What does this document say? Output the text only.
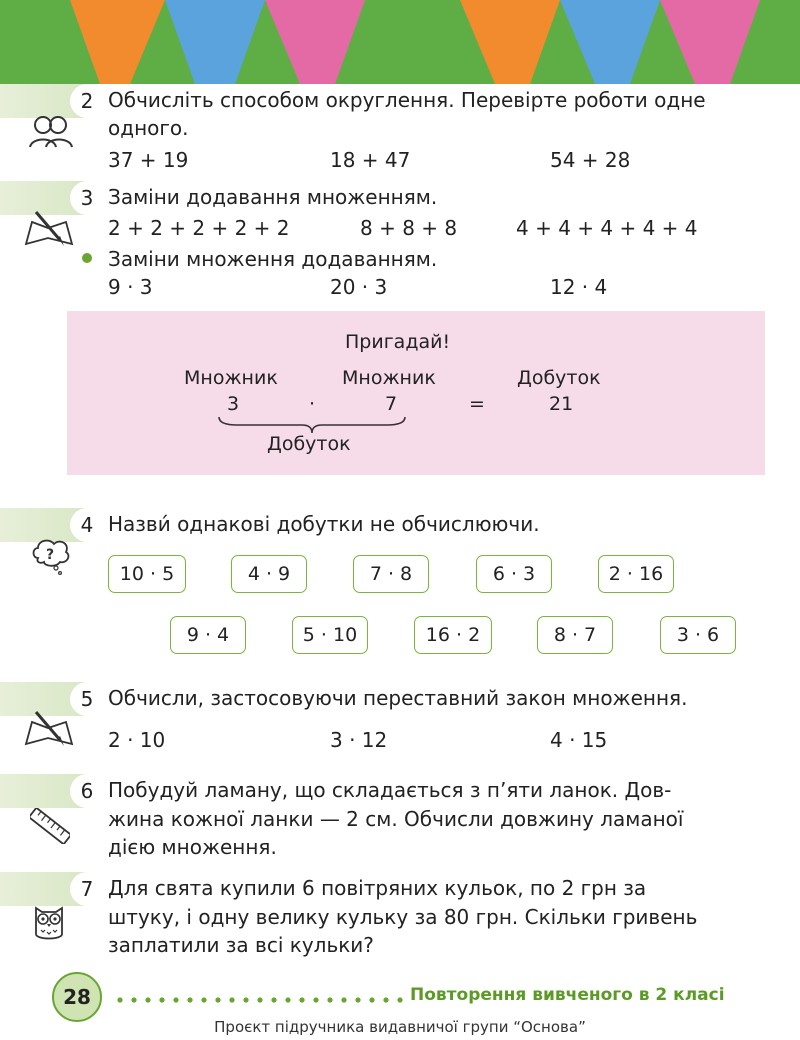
2 Обчисліть способом округлення. Перевірте роботи одне
одного.
37 + 19	18 + 47	54 + 28
3 Заміни додавання множенням.
2 + 2 + 2 + 2 + 2	8 + 8 + 8	4 + 4 + 4 + 4 + 4
Заміни множення додаванням.
9 · 3	20 · 3	12 · 4
Пригадай!
Множник	Множник	Добуток
3	·	7	=	21
Добуток
4
?
Назви́ однакові добутки не обчислюючи.
10 · 5	4 · 9	7 · 8	6 · 3	2 · 16
9 · 4	5 · 10	16 · 2	8 · 7	3 · 6
5 Обчисли, застосовуючи переставний закон множення.
2 · 10	3 · 12	4 · 15
6 Побудуй ламану, що складається з п’яти ланок. Дов-
жина кожної ланки — 2 см. Обчисли довжину ламаної
дією множення.
7 Для свята купили 6 повітряних кульок, по 2 грн за
штуку, і одну велику кульку за 80 грн. Скільки гривень
заплатили за всі кульки?
28	Повторення вивченого в 2 класі
Проєкт підручника видавничої групи “Основа”
